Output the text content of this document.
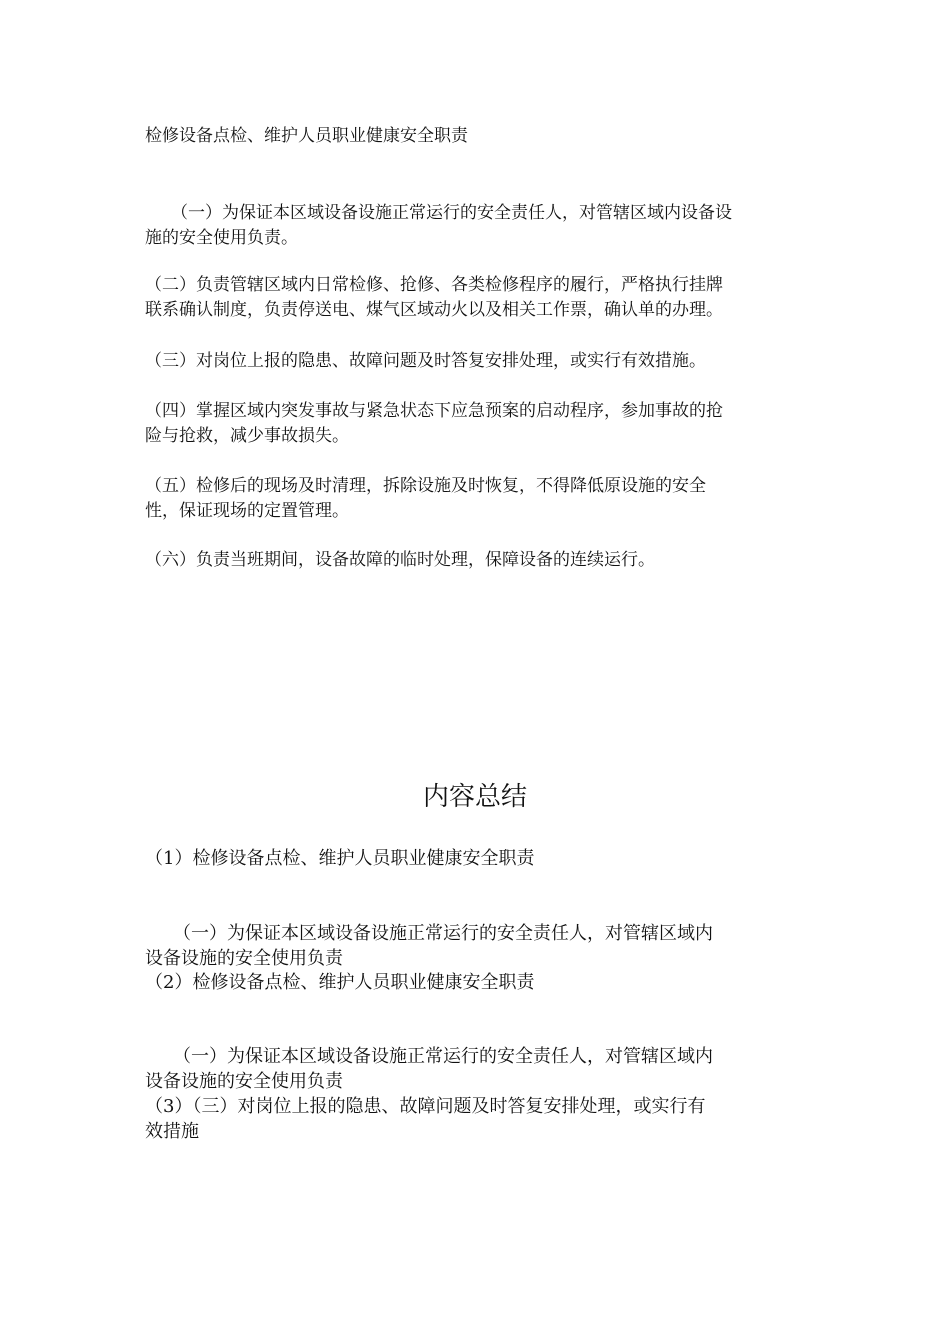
检修设备点检、维护人员职业健康安全职责

（一）为保证本区域设备设施正常运行的安全责任人，对管辖区域内设备设

施的安全使用负责。

（二）负责管辖区域内日常检修、抢修、各类检修程序的履行，严格执行挂牌

联系确认制度，负责停送电、煤气区域动火以及相关工作票，确认单的办理。

（三）对岗位上报的隐患、故障问题及时答复安排处理，或实行有效措施。

（四）掌握区域内突发事故与紧急状态下应急预案的启动程序，参加事故的抢

险与抢救，减少事故损失。

（五）检修后的现场及时清理，拆除设施及时恢复，不得降低原设施的安全

性，保证现场的定置管理。

（六）负责当班期间，设备故障的临时处理，保障设备的连续运行。

内容总结

（1）检修设备点检、维护人员职业健康安全职责

（一）为保证本区域设备设施正常运行的安全责任人，对管辖区域内

设备设施的安全使用负责

（2）检修设备点检、维护人员职业健康安全职责

（一）为保证本区域设备设施正常运行的安全责任人，对管辖区域内

设备设施的安全使用负责

（3）（三）对岗位上报的隐患、故障问题及时答复安排处理，或实行有

效措施
